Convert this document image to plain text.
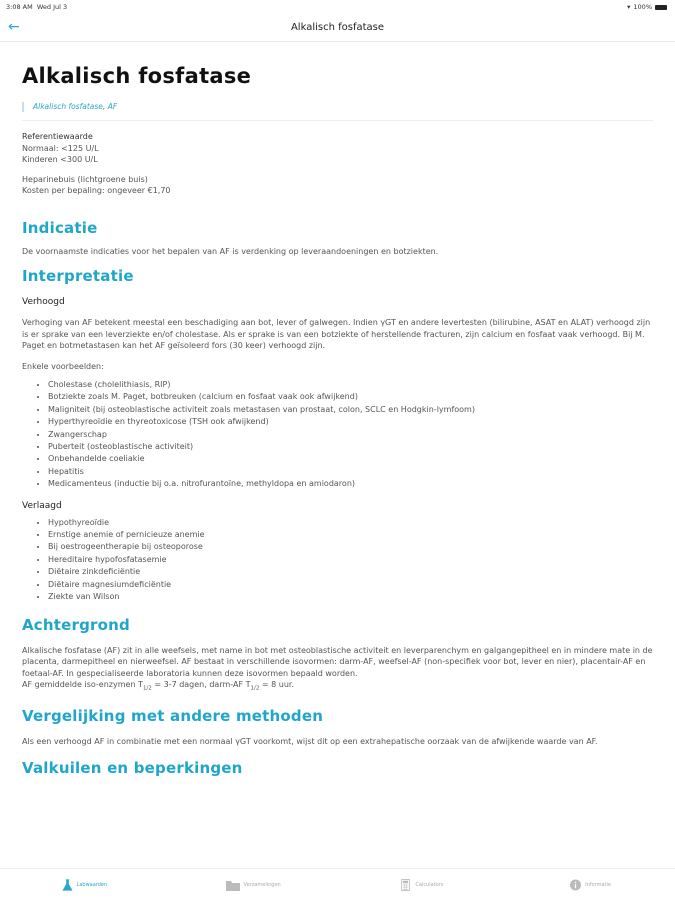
3:08 AM Wed Jul 3	▾ 100%
←	Alkalisch fosfatase
Alkalisch fosfatase
Alkalisch fosfatase, AF
Referentiewaarde
Normaal: <125 U/L
Kinderen <300 U/L
Heparinebuis (lichtgroene buis)
Kosten per bepaling: ongeveer €1,70
Indicatie
De voornaamste indicaties voor het bepalen van AF is verdenking op leveraandoeningen en botziekten.
Interpretatie
Verhoogd
Verhoging van AF betekent meestal een beschadiging aan bot, lever of galwegen. Indien γGT en andere levertesten (bilirubine, ASAT en ALAT) verhoogd zijn is er sprake van een leverziekte en/of cholestase. Als er sprake is van een botziekte of herstellende fracturen, zijn calcium en fosfaat vaak verhoogd. Bij M. Paget en botmetastasen kan het AF geïsoleerd fors (30 keer) verhoogd zijn.
Enkele voorbeelden:
• Cholestase (cholelithiasis, RIP)
• Botziekte zoals M. Paget, botbreuken (calcium en fosfaat vaak ook afwijkend)
• Maligniteit (bij osteoblastische activiteit zoals metastasen van prostaat, colon, SCLC en Hodgkin-lymfoom)
• Hyperthyreoïdie en thyreotoxicose (TSH ook afwijkend)
• Zwangerschap
• Puberteit (osteoblastische activiteit)
• Onbehandelde coeliakie
• Hepatitis
• Medicamenteus (inductie bij o.a. nitrofurantoïne, methyldopa en amiodaron)
Verlaagd
• Hypothyreoïdie
• Ernstige anemie of pernicieuze anemie
• Bij oestrogeentherapie bij osteoporose
• Hereditaire hypofosfatasemie
• Diëtaire zinkdeficiëntie
• Diëtaire magnesiumdeficiëntie
• Ziekte van Wilson
Achtergrond
Alkalische fosfatase (AF) zit in alle weefsels, met name in bot met osteoblastische activiteit en leverparenchym en galgangepitheel en in mindere mate in de placenta, darmepitheel en nierweefsel. AF bestaat in verschillende isovormen: darm-AF, weefsel-AF (non-specifiek voor bot, lever en nier), placentair-AF en foetaal-AF. In gespecialiseerde laboratoria kunnen deze isovormen bepaald worden.
AF gemiddelde iso-enzymen $T_{1/2} = 3-7$ dagen, darm-AF $T_{1/2} = 8$ uur.
Vergelijking met andere methoden
Als een verhoogd AF in combinatie met een normaal γGT voorkomt, wijst dit op een extrahepatische oorzaak van de afwijkende waarde van AF.
Valkuilen en beperkingen
Labwaarden	Verzamelingen	Calculators	Informatie
